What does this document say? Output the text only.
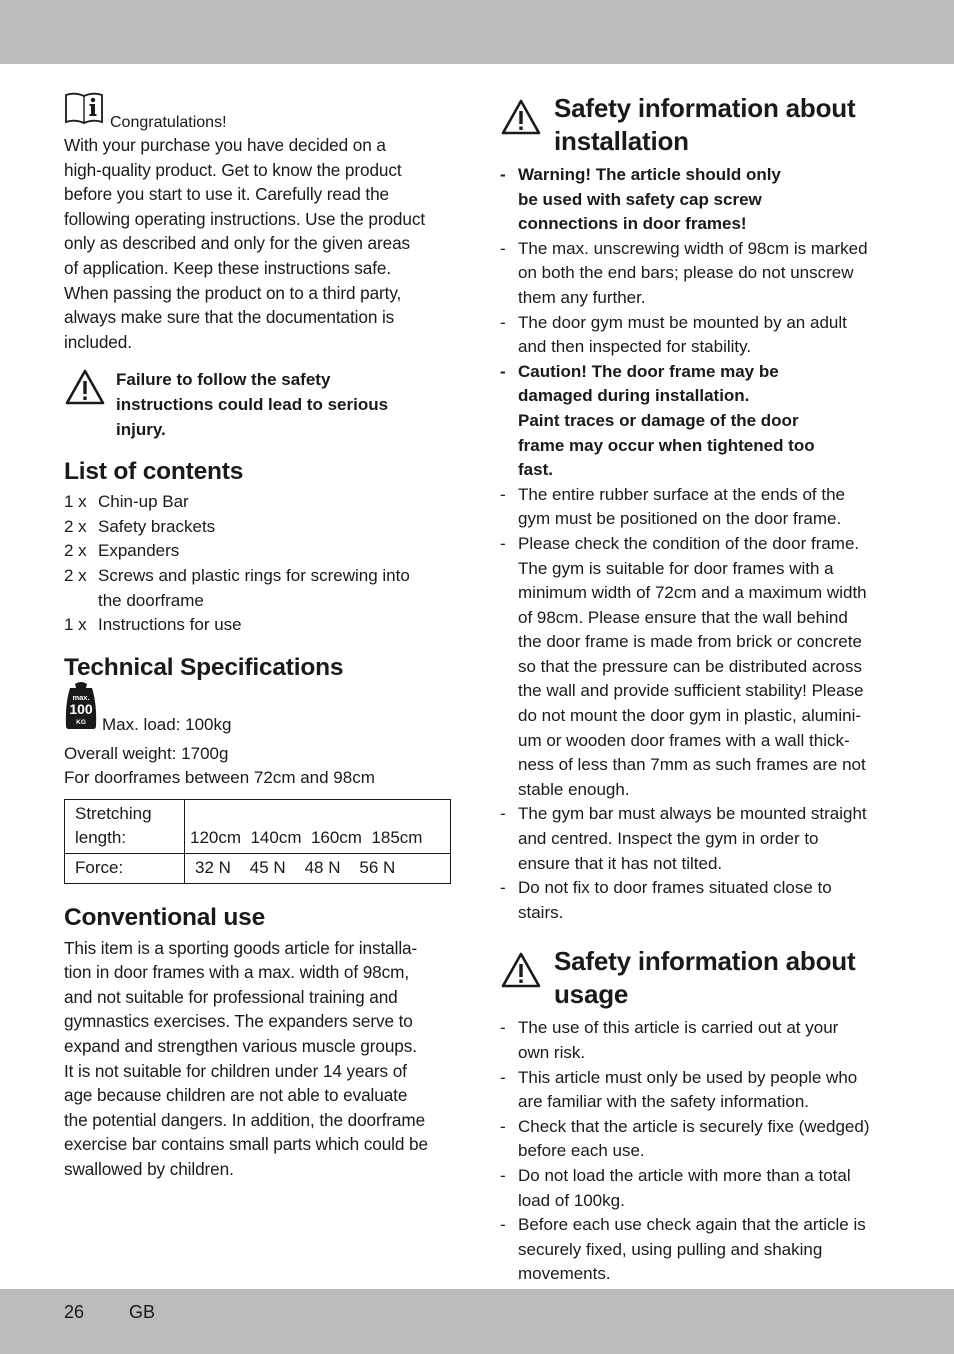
Congratulations!

With your purchase you have decided on a

high-quality product. Get to know the product

before you start to use it. Carefully read the

following operating instructions. Use the product

only as described and only for the given areas

of application. Keep these instructions safe.

When passing the product on to a third party,

always make sure that the documentation is

included.

Failure to follow the safety

instructions could lead to serious

injury.

List of contents
1 x Chin-up Bar
2 x Safety brackets
2 x Expanders
2 x Screws and plastic rings for screwing into
the doorframe
1 x Instructions for use
Technical Specifications
max.
100
KG Max. load: 100kg

Overall weight: 1700g

For doorframes between 72cm and 98cm

Stretching
length:	120cm  140cm  160cm  185cm
Force:	32 N    45 N    48 N    56 N
Conventional use

This item is a sporting goods article for installa-

tion in door frames with a max. width of 98cm,

and not suitable for professional training and

gymnastics exercises. The expanders serve to

expand and strengthen various muscle groups.

It is not suitable for children under 14 years of

age because children are not able to evaluate

the potential dangers. In addition, the doorframe

exercise bar contains small parts which could be

swallowed by children.

Safety information about
installation
- Warning! The article should only

be used with safety cap screw

connections in door frames!

- The max. unscrewing width of 98cm is marked

on both the end bars; please do not unscrew

them any further.

- The door gym must be mounted by an adult

and then inspected for stability.

- Caution! The door frame may be

damaged during installation.

Paint traces or damage of the door

frame may occur when tightened too

fast.

- The entire rubber surface at the ends of the

gym must be positioned on the door frame.

- Please check the condition of the door frame.

The gym is suitable for door frames with a

minimum width of 72cm and a maximum width

of 98cm. Please ensure that the wall behind

the door frame is made from brick or concrete

so that the pressure can be distributed across

the wall and provide sufficient stability! Please

do not mount the door gym in plastic, alumini-

um or wooden door frames with a wall thick-

ness of less than 7mm as such frames are not

stable enough.

- The gym bar must always be mounted straight

and centred. Inspect the gym in order to

ensure that it has not tilted.

- Do not fix to door frames situated close to

stairs.

Safety information about
usage
- The use of this article is carried out at your

own risk.

- This article must only be used by people who

are familiar with the safety information.

- Check that the article is securely fixe (wedged)

before each use.

- Do not load the article with more than a total

load of 100kg.

- Before each use check again that the article is

securely fixed, using pulling and shaking

movements.

26 GB
